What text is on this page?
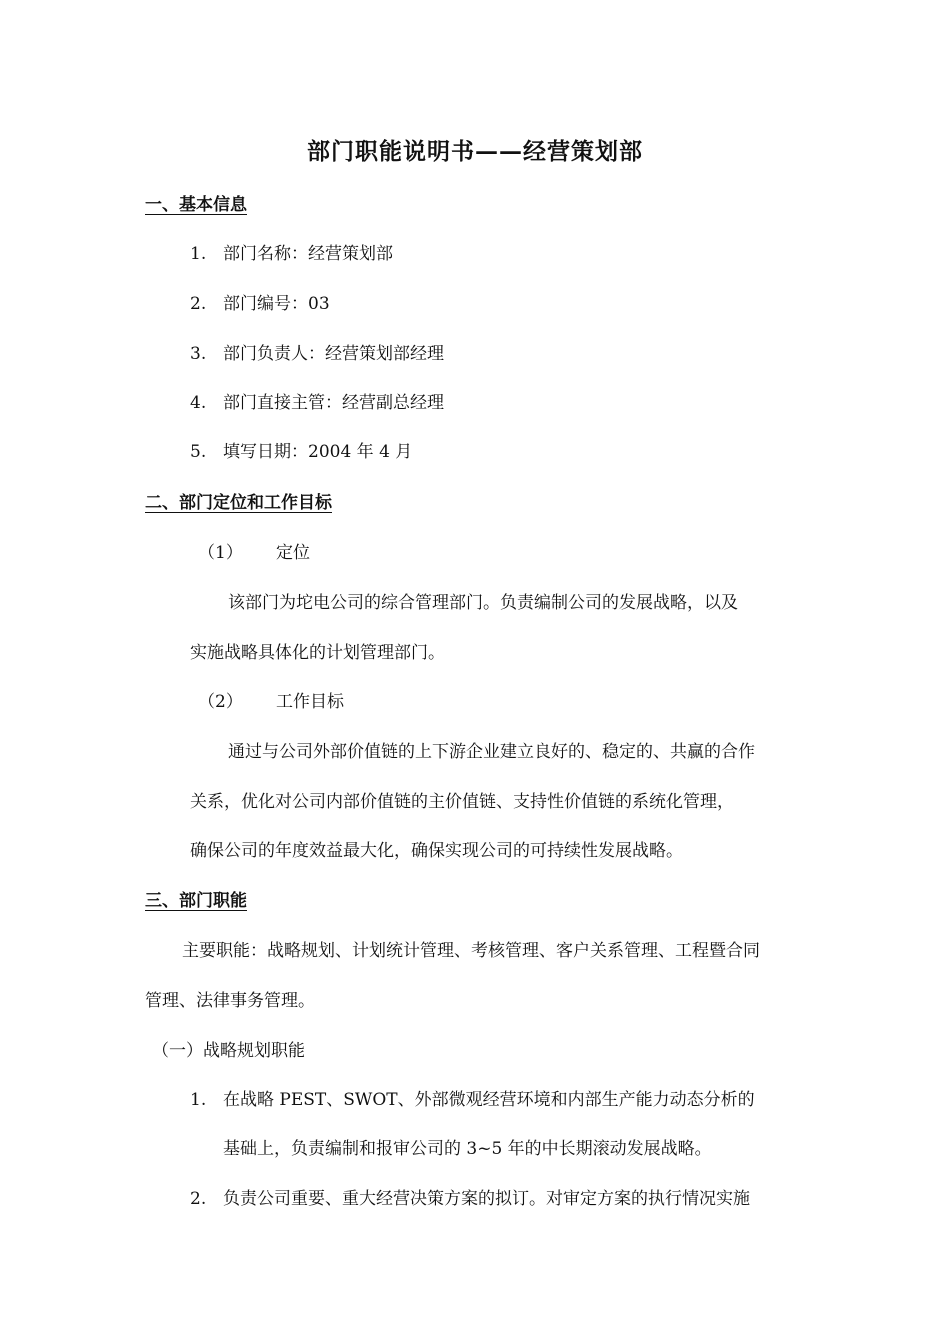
部门职能说明书——经营策划部
一、基本信息
1. 部门名称：经营策划部
2. 部门编号：03
3. 部门负责人：经营策划部经理
4. 部门直接主管：经营副总经理
5. 填写日期：2004 年 4 月
二、部门定位和工作目标
（1） 定位
该部门为坨电公司的综合管理部门。负责编制公司的发展战略，以及
实施战略具体化的计划管理部门。
（2） 工作目标
通过与公司外部价值链的上下游企业建立良好的、稳定的、共赢的合作
关系，优化对公司内部价值链的主价值链、支持性价值链的系统化管理，
确保公司的年度效益最大化，确保实现公司的可持续性发展战略。
三、部门职能
主要职能：战略规划、计划统计管理、考核管理、客户关系管理、工程暨合同
管理、法律事务管理。
（一）战略规划职能
1. 在战略 PEST、SWOT、外部微观经营环境和内部生产能力动态分析的
基础上，负责编制和报审公司的 3~5 年的中长期滚动发展战略。
2. 负责公司重要、重大经营决策方案的拟订。对审定方案的执行情况实施
